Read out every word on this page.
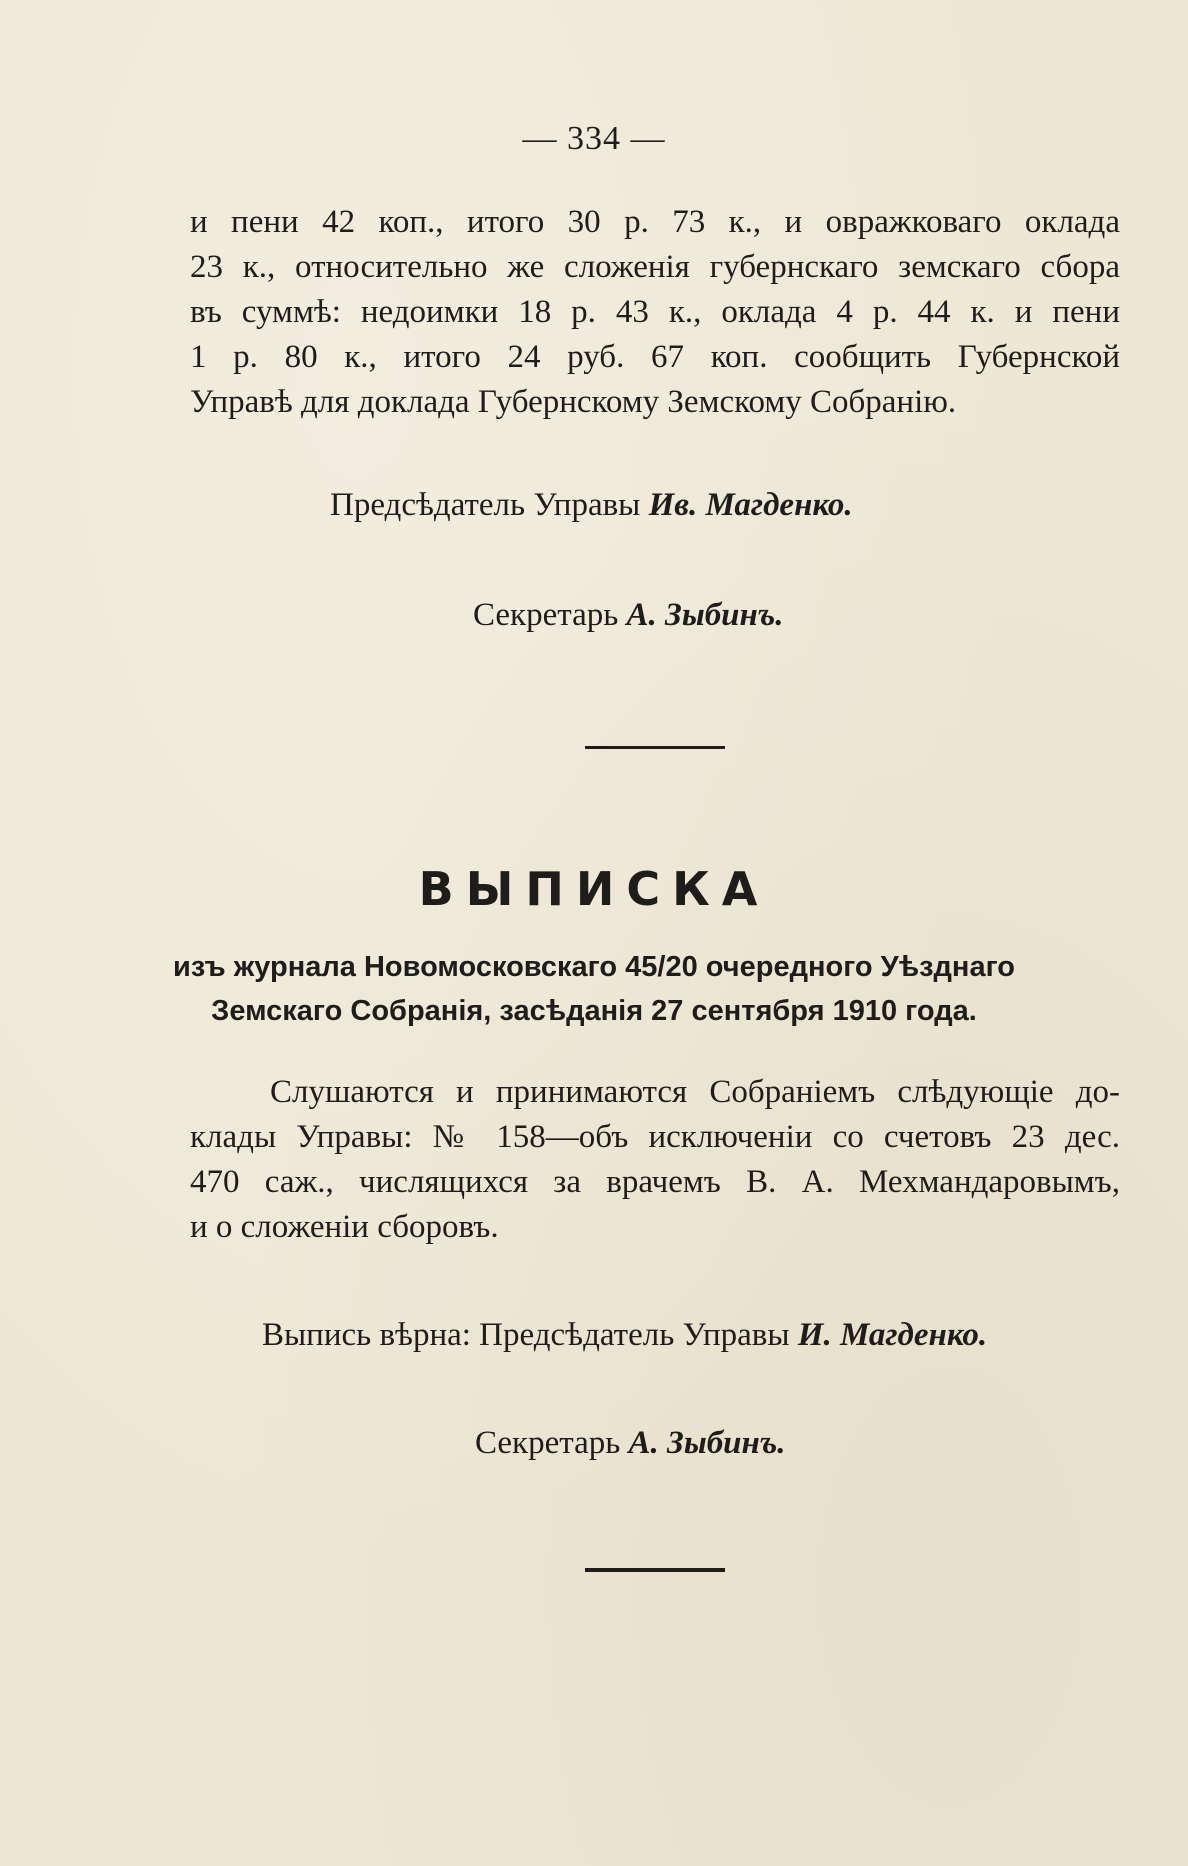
— 334 —
и пени 42 коп., итого 30 р. 73 к., и овражковаго оклада
23 к., относительно же сложенія губернскаго земскаго сбора
въ суммѣ: недоимки 18 р. 43 к., оклада 4 р. 44 к. и пени
1 р. 80 к., итого 24 руб. 67 коп. сообщить Губернской
Управѣ для доклада Губернскому Земскому Собранію.
Предсѣдатель Управы Ив. Магденко.
Секретарь А. Зыбинъ.
ВЫПИСКА
изъ журнала Новомосковскаго 45/20 очередного Уѣзднаго
Земскаго Собранія, засѣданія 27 сентября 1910 года.
Слушаются и принимаются Собраніемъ слѣдующіе до-
клады Управы: № 158—объ исключеніи со счетовъ 23 дес.
470 саж., числящихся за врачемъ В. А. Мехмандаровымъ,
и о сложеніи сборовъ.
Выпись вѣрна: Предсѣдатель Управы И. Магденко.
Секретарь А. Зыбинъ.
